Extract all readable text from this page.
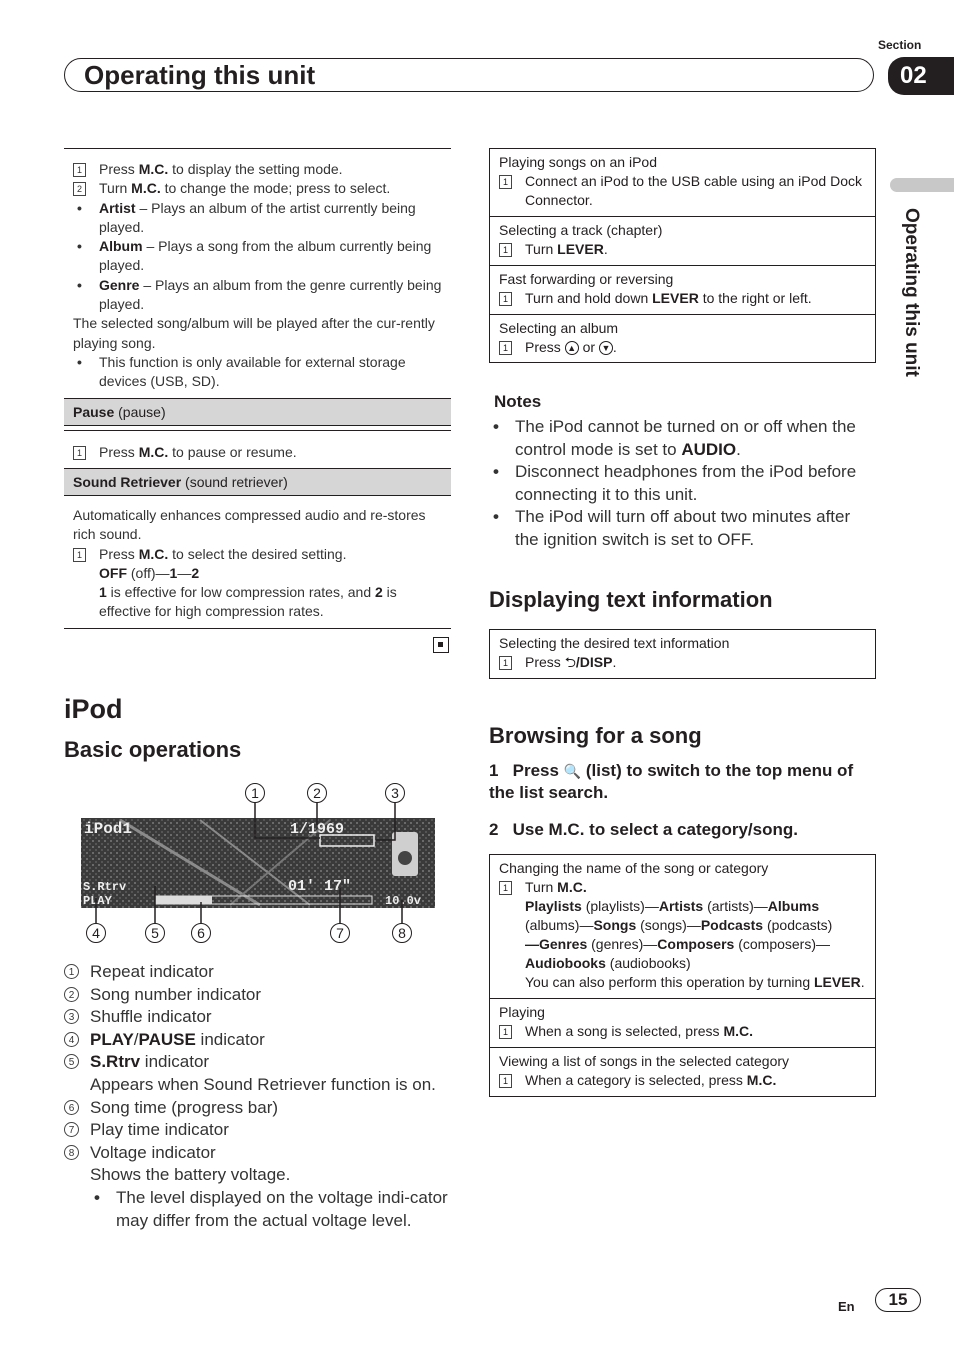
Section
Operating this unit	02
Operating this unit
1 Press M.C. to display the setting mode.
2 Turn M.C. to change the mode; press to select.
• Artist – Plays an album of the artist currently being played.
• Album – Plays a song from the album currently being played.
• Genre – Plays an album from the genre currently being played.
The selected song/album will be played after the cur-rently playing song.
• This function is only available for external storage devices (USB, SD).
Pause (pause)
1 Press M.C. to pause or resume.
Sound Retriever (sound retriever)
Automatically enhances compressed audio and re-stores rich sound.
1 Press M.C. to select the desired setting.
OFF (off)—1—2
1 is effective for low compression rates, and 2 is effective for high compression rates.
iPod
Basic operations
iPod1	1/1969
S.Rtrv
PLAY
01' 17"
10.0v
1	2	3
4	5	6	7	8
1 Repeat indicator
2 Song number indicator
3 Shuffle indicator
4 PLAY/PAUSE indicator
5 S.Rtrv indicator
Appears when Sound Retriever function is on.
6 Song time (progress bar)
7 Play time indicator
8 Voltage indicator
Shows the battery voltage.
• The level displayed on the voltage indi-cator may differ from the actual voltage level.
Playing songs on an iPod
1 Connect an iPod to the USB cable using an iPod Dock Connector.
Selecting a track (chapter)
1 Turn LEVER.
Fast forwarding or reversing
1 Turn and hold down LEVER to the right or left.
Selecting an album
1 Press ▲ or ▼ .
Notes
• The iPod cannot be turned on or off when the control mode is set to AUDIO.
• Disconnect headphones from the iPod before connecting it to this unit.
• The iPod will turn off about two minutes after the ignition switch is set to OFF.
Displaying text information
Selecting the desired text information
1 Press ⮌/DISP.
Browsing for a song
1 Press 🔍 (list) to switch to the top menu of the list search.
2 Use M.C. to select a category/song.
Changing the name of the song or category
1 Turn M.C.
Playlists (playlists)—Artists (artists)—Albums
(albums)—Songs (songs)—Podcasts (podcasts)
—Genres (genres)—Composers (composers)—
Audiobooks (audiobooks)
You can also perform this operation by turning LEVER.
Playing
1 When a song is selected, press M.C.
Viewing a list of songs in the selected category
1 When a category is selected, press M.C.
En	15
